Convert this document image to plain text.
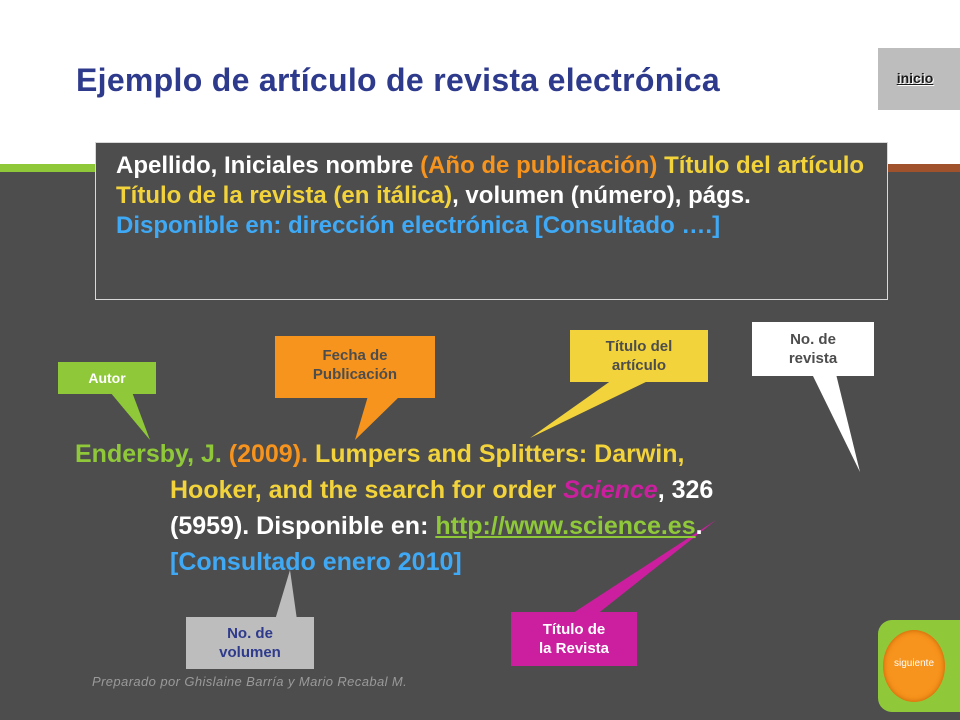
Ejemplo de artículo de revista electrónica	inicio
Apellido, Iniciales nombre (Año de publicación) Título del artículo Título de la revista (en itálica), volumen (número), págs. Disponible en: dirección electrónica [Consultado ….]
Endersby, J. (2009). Lumpers and Splitters: Darwin,
Hooker, and the search for order Science, 326
(5959). Disponible en: http://www.science.es.
[Consultado enero 2010]
Autor
Fecha de
Publicación
Título del
artículo
No. de
revista
No. de
volumen
Título de
la Revista
Preparado por Ghislaine Barría y Mario Recabal M.
siguiente
